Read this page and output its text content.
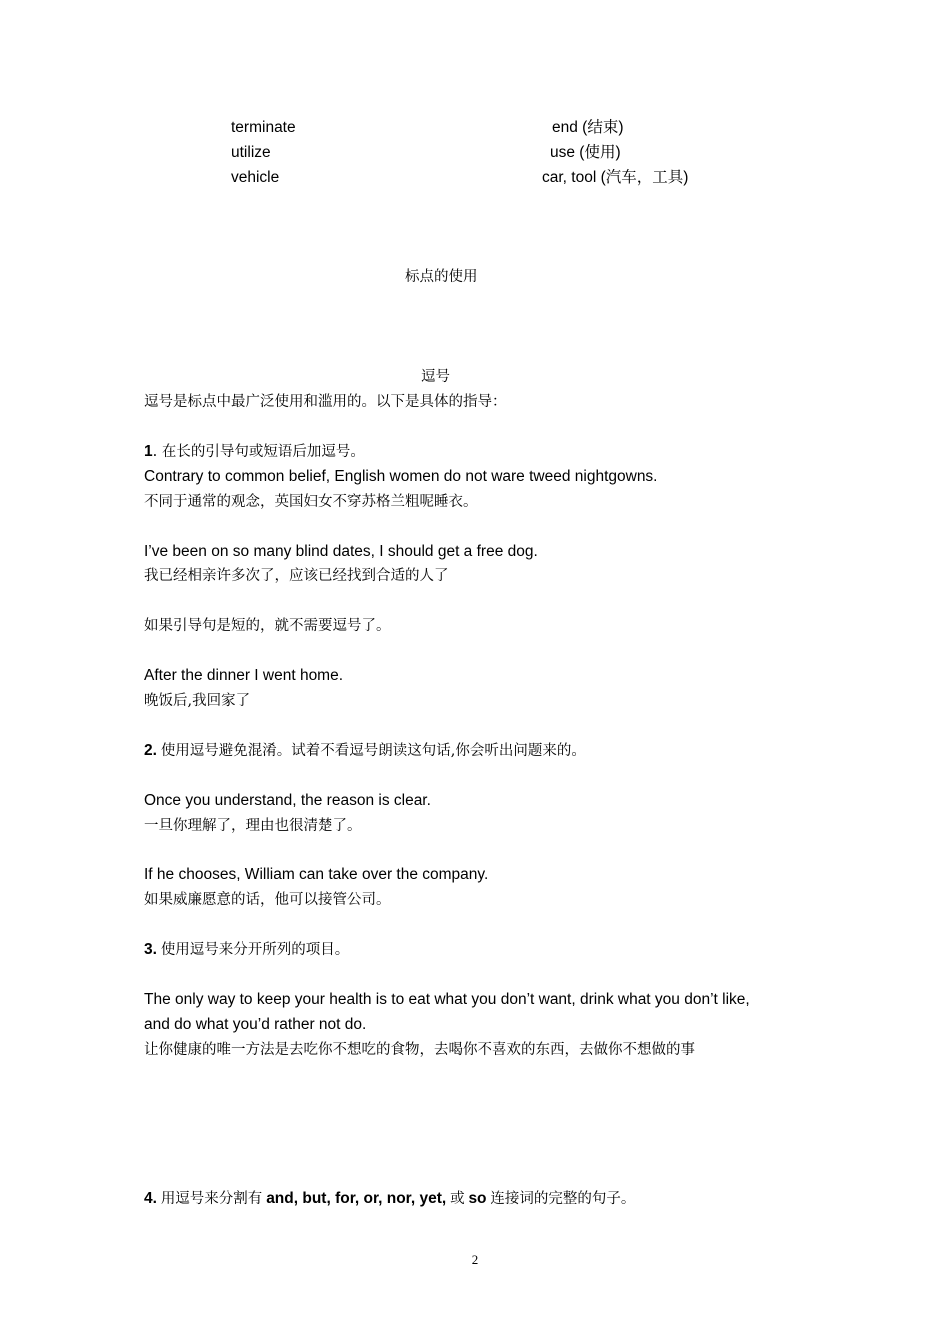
terminate	end (结束)
utilize	use (使用)
vehicle	car, tool (汽车，工具)
标点的使用
逗号
逗号是标点中最广泛使用和滥用的。以下是具体的指导：
1. 在长的引导句或短语后加逗号。
Contrary to common belief, English women do not ware tweed nightgowns.
不同于通常的观念，英国妇女不穿苏格兰粗呢睡衣。
I’ve been on so many blind dates, I should get a free dog.
我已经相亲许多次了，应该已经找到合适的人了
如果引导句是短的，就不需要逗号了。
After the dinner I went home.
晚饭后,我回家了
2. 使用逗号避免混淆。试着不看逗号朗读这句话,你会听出问题来的。
Once you understand, the reason is clear.
一旦你理解了，理由也很清楚了。
If he chooses, William can take over the company.
如果威廉愿意的话，他可以接管公司。
3. 使用逗号来分开所列的项目。
The only way to keep your health is to eat what you don’t want, drink what you don’t like,
and do what you’d rather not do.
让你健康的唯一方法是去吃你不想吃的食物，去喝你不喜欢的东西，去做你不想做的事
4. 用逗号来分割有 and, but, for, or, nor, yet, 或 so 连接词的完整的句子。
2
